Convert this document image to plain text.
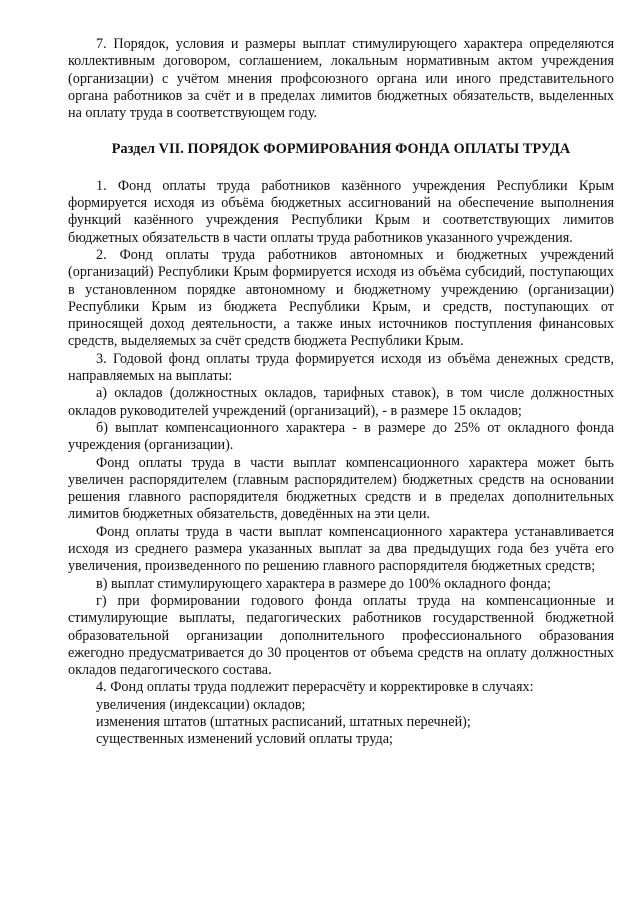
7. Порядок, условия и размеры выплат стимулирующего характера определяются коллективным договором, соглашением, локальным нормативным актом учреждения (организации) с учётом мнения профсоюзного органа или иного представительного органа работников за счёт и в пределах лимитов бюджетных обязательств, выделенных на оплату труда в соответствующем году.

Раздел VII. ПОРЯДОК ФОРМИРОВАНИЯ ФОНДА ОПЛАТЫ ТРУДА

1. Фонд оплаты труда работников казённого учреждения Республики Крым формируется исходя из объёма бюджетных ассигнований на обеспечение выполнения функций казённого учреждения Республики Крым и соответствующих лимитов бюджетных обязательств в части оплаты труда работников указанного учреждения.

2. Фонд оплаты труда работников автономных и бюджетных учреждений (организаций) Республики Крым формируется исходя из объёма субсидий, поступающих в установленном порядке автономному и бюджетному учреждению (организации) Республики Крым из бюджета Республики Крым, и средств, поступающих от приносящей доход деятельности, а также иных источников поступления финансовых средств, выделяемых за счёт средств бюджета Республики Крым.

3. Годовой фонд оплаты труда формируется исходя из объёма денежных средств, направляемых на выплаты:

а) окладов (должностных окладов, тарифных ставок), в том числе должностных окладов руководителей учреждений (организаций), - в размере 15 окладов;

б) выплат компенсационного характера - в размере до 25% от окладного фонда учреждения (организации).

Фонд оплаты труда в части выплат компенсационного характера может быть увеличен распорядителем (главным распорядителем) бюджетных средств на основании решения главного распорядителя бюджетных средств и в пределах дополнительных лимитов бюджетных обязательств, доведённых на эти цели.

Фонд оплаты труда в части выплат компенсационного характера устанавливается исходя из среднего размера указанных выплат за два предыдущих года без учёта его увеличения, произведенного по решению главного распорядителя бюджетных средств;

в) выплат стимулирующего характера в размере до 100% окладного фонда;

г) при формировании годового фонда оплаты труда на компенсационные и стимулирующие выплаты, педагогических работников государственной бюджетной образовательной организации дополнительного профессионального образования ежегодно предусматривается до 30 процентов от объема средств на оплату должностных окладов педагогического состава.

4. Фонд оплаты труда подлежит перерасчёту и корректировке в случаях:

увеличения (индексации) окладов;

изменения штатов (штатных расписаний, штатных перечней);

существенных изменений условий оплаты труда;
